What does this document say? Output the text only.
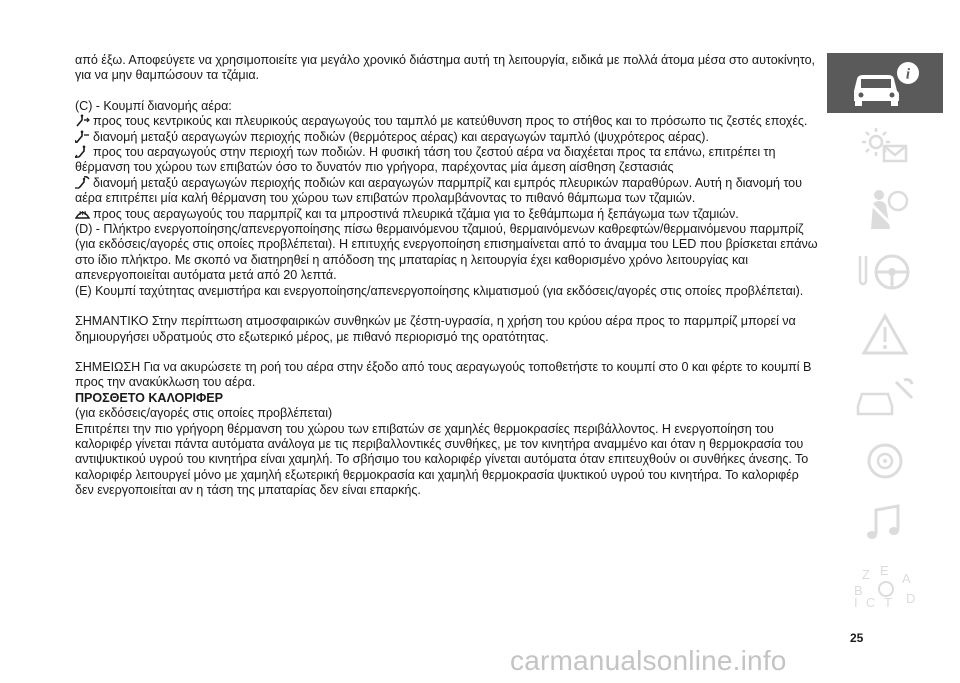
από έξω. Αποφεύγετε να χρησιμοποιείτε για μεγάλο χρονικό διάστημα αυτή τη λειτουργία, ειδικά με πολλά άτομα μέσα στο αυτοκίνητο, για να μην θαμπώσουν τα τζάμια.

(C) - Κουμπί διανομής αέρα:

προς τους κεντρικούς και πλευρικούς αεραγωγούς του ταμπλό με κατεύθυνση προς το στήθος και το πρόσωπο τις ζεστές εποχές.

διανομή μεταξύ αεραγωγών περιοχής ποδιών (θερμότερος αέρας) και αεραγωγών ταμπλό (ψυχρότερος αέρας).

προς του αεραγωγούς στην περιοχή των ποδιών. Η φυσική τάση του ζεστού αέρα να διαχέεται προς τα επάνω, επιτρέπει τη θέρμανση του χώρου των επιβατών όσο το δυνατόν πιο γρήγορα, παρέχοντας μία άμεση αίσθηση ζεστασιάς

διανομή μεταξύ αεραγωγών περιοχής ποδιών και αεραγωγών παρμπρίζ και εμπρός πλευρικών παραθύρων. Αυτή η διανομή του αέρα επιτρέπει μία καλή θέρμανση του χώρου των επιβατών προλαμβάνοντας το πιθανό θάμπωμα των τζαμιών.

προς τους αεραγωγούς του παρμπρίζ και τα μπροστινά πλευρικά τζάμια για το ξεθάμπωμα ή ξεπάγωμα των τζαμιών.

(D) - Πλήκτρο ενεργοποίησης/απενεργοποίησης πίσω θερμαινόμενου τζαμιού, θερμαινόμενων καθρεφτών/θερμαινόμενου παρμπρίζ (για εκδόσεις/αγορές στις οποίες προβλέπεται). Η επιτυχής ενεργοποίηση επισημαίνεται από το άναμμα του LED που βρίσκεται επάνω στο ίδιο πλήκτρο. Με σκοπό να διατηρηθεί η απόδοση της μπαταρίας η λειτουργία έχει καθορισμένο χρόνο λειτουργίας και απενεργοποιείται αυτόματα μετά από 20 λεπτά.

(E) Κουμπί ταχύτητας ανεμιστήρα και ενεργοποίησης/απενεργοποίησης κλιματισμού (για εκδόσεις/αγορές στις οποίες προβλέπεται).

ΣΗΜΑΝΤΙΚΟ Στην περίπτωση ατμοσφαιρικών συνθηκών με ζέστη-υγρασία, η χρήση του κρύου αέρα προς το παρμπρίζ μπορεί να δημιουργήσει υδρατμούς στο εξωτερικό μέρος, με πιθανό περιορισμό της ορατότητας.

ΣΗΜΕΙΩΣΗ Για να ακυρώσετε τη ροή του αέρα στην έξοδο από τους αεραγωγούς τοποθετήστε το κουμπί στο 0 και φέρτε το κουμπί B προς την ανακύκλωση του αέρα.

ΠΡΟΣΘΕΤΟ ΚΑΛΟΡΙΦΕΡ

(για εκδόσεις/αγορές στις οποίες προβλέπεται)

Επιτρέπει την πιο γρήγορη θέρμανση του χώρου των επιβατών σε χαμηλές θερμοκρασίες περιβάλλοντος. Η ενεργοποίηση του καλοριφέρ γίνεται πάντα αυτόματα ανάλογα με τις περιβαλλοντικές συνθήκες, με τον κινητήρα αναμμένο και όταν η θερμοκρασία του αντιψυκτικού υγρού του κινητήρα είναι χαμηλή. Το σβήσιμο του καλοριφέρ γίνεται αυτόματα όταν επιτευχθούν οι συνθήκες άνεσης. Το καλοριφέρ λειτουργεί μόνο με χαμηλή εξωτερική θερμοκρασία και χαμηλή θερμοκρασία ψυκτικού υγρού του κινητήρα. Το καλοριφέρ δεν ενεργοποιείται αν η τάση της μπαταρίας δεν είναι επαρκής.

i
Z E
A
B
C D
T
I
25
carmanualsonline.info
